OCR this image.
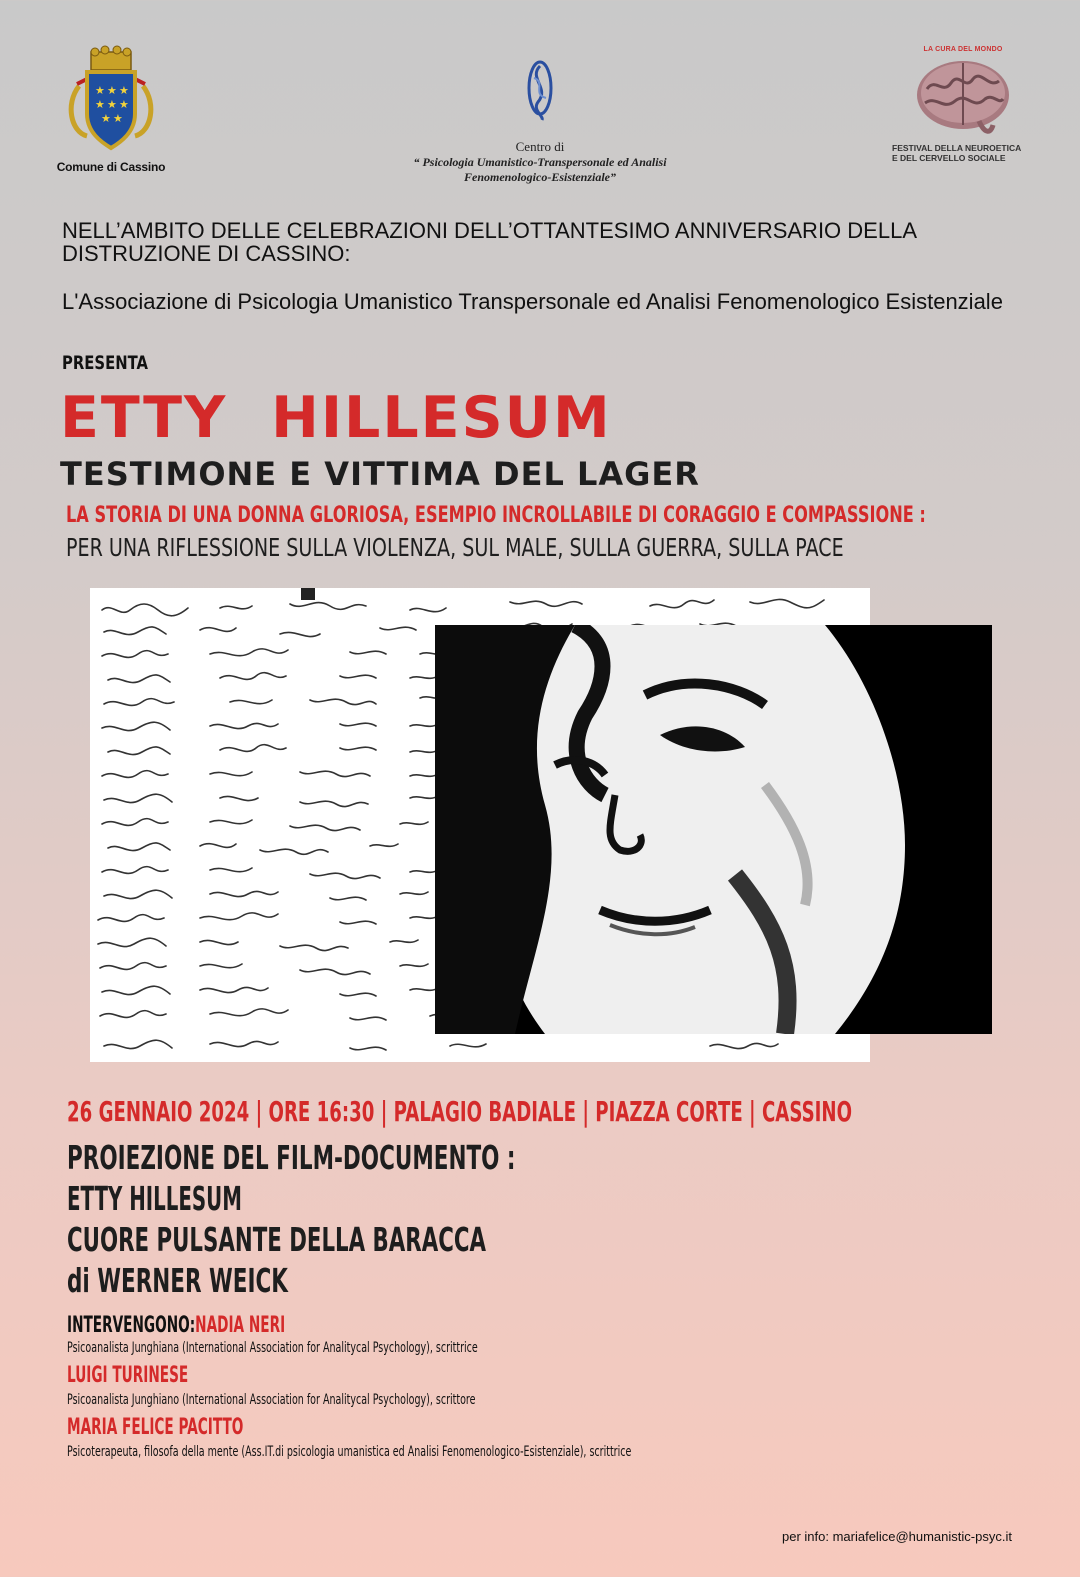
★ ★ ★
★ ★ ★
★ ★
Comune di Cassino
Centro di
“ Psicologia Umanistico-Transpersonale ed Analisi
Fenomenologico-Esistenziale”
LA CURA DEL MONDO
FESTIVAL DELLA NEUROETICA
E DEL CERVELLO SOCIALE
NELL’AMBITO DELLE CELEBRAZIONI DELL’OTTANTESIMO ANNIVERSARIO DELLA DISTRUZIONE DI CASSINO:
L'Associazione di Psicologia Umanistico Transpersonale ed Analisi Fenomenologico Esistenziale
PRESENTA
ETTY HILLESUM
TESTIMONE E VITTIMA DEL LAGER
LA STORIA DI UNA DONNA GLORIOSA, ESEMPIO INCROLLABILE DI CORAGGIO E COMPASSIONE :
PER UNA RIFLESSIONE SULLA VIOLENZA, SUL MALE, SULLA GUERRA, SULLA PACE
26 GENNAIO 2024 | ORE 16:30 | PALAGIO BADIALE | PIAZZA CORTE | CASSINO
PROIEZIONE DEL FILM-DOCUMENTO :
ETTY HILLESUM
CUORE PULSANTE DELLA BARACCA
di WERNER WEICK
INTERVENGONO:NADIA NERI
Psicoanalista Junghiana (International Association for Analitycal Psychology), scrittrice
LUIGI TURINESE
Psicoanalista Junghiano (International Association for Analitycal Psychology), scrittore
MARIA FELICE PACITTO
Psicoterapeuta, filosofa della mente (Ass.IT.di psicologia umanistica ed Analisi Fenomenologico-Esistenziale), scrittrice
per info: mariafelice@humanistic-psyc.it
